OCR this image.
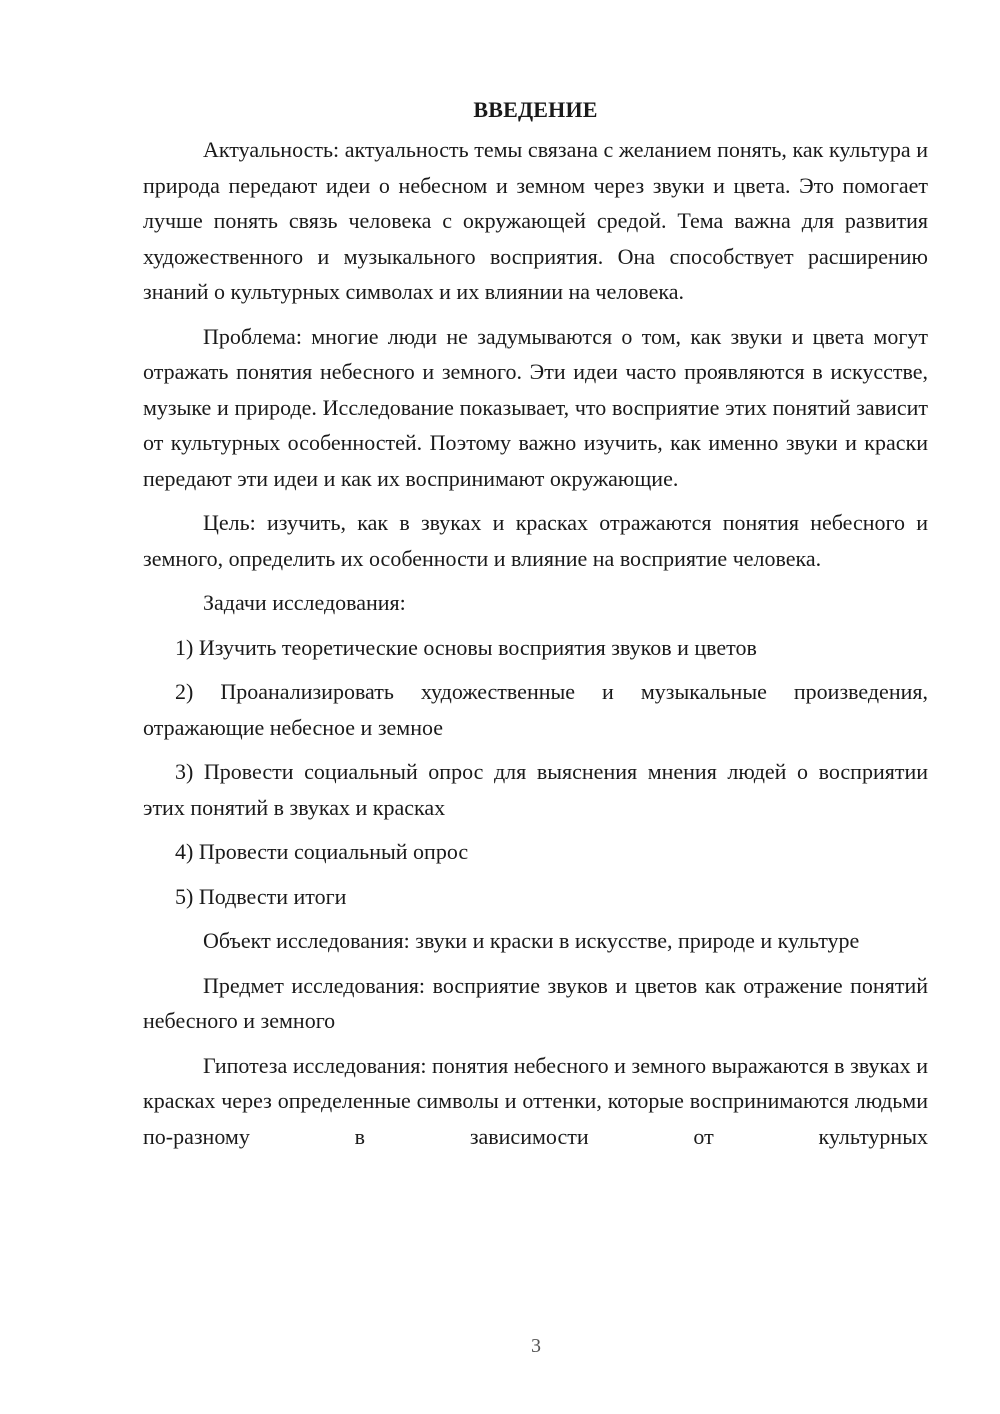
ВВЕДЕНИЕ

Актуальность: актуальность темы связана с желанием понять, как культура и природа передают идеи о небесном и земном через звуки и цвета. Это помогает лучше понять связь человека с окружающей средой. Тема важна для развития художественного и музыкального восприятия. Она способствует расширению знаний о культурных символах и их влиянии на человека.

Проблема: многие люди не задумываются о том, как звуки и цвета могут отражать понятия небесного и земного. Эти идеи часто проявляются в искусстве, музыке и природе. Исследование показывает, что восприятие этих понятий зависит от культурных особенностей. Поэтому важно изучить, как именно звуки и краски передают эти идеи и как их воспринимают окружающие.

Цель: изучить, как в звуках и красках отражаются понятия небесного и земного, определить их особенности и влияние на восприятие человека.

Задачи исследования:

1) Изучить теоретические основы восприятия звуков и цветов

2) Проанализировать художественные и музыкальные произведения, отражающие небесное и земное

3) Провести социальный опрос для выяснения мнения людей о восприятии этих понятий в звуках и красках

4) Провести социальный опрос

5) Подвести итоги

Объект исследования: звуки и краски в искусстве, природе и культуре

Предмет исследования: восприятие звуков и цветов как отражение понятий небесного и земного

Гипотеза исследования: понятия небесного и земного выражаются в звуках и красках через определенные символы и оттенки, которые воспринимаются людьми по-разному в зависимости от культурных

3
